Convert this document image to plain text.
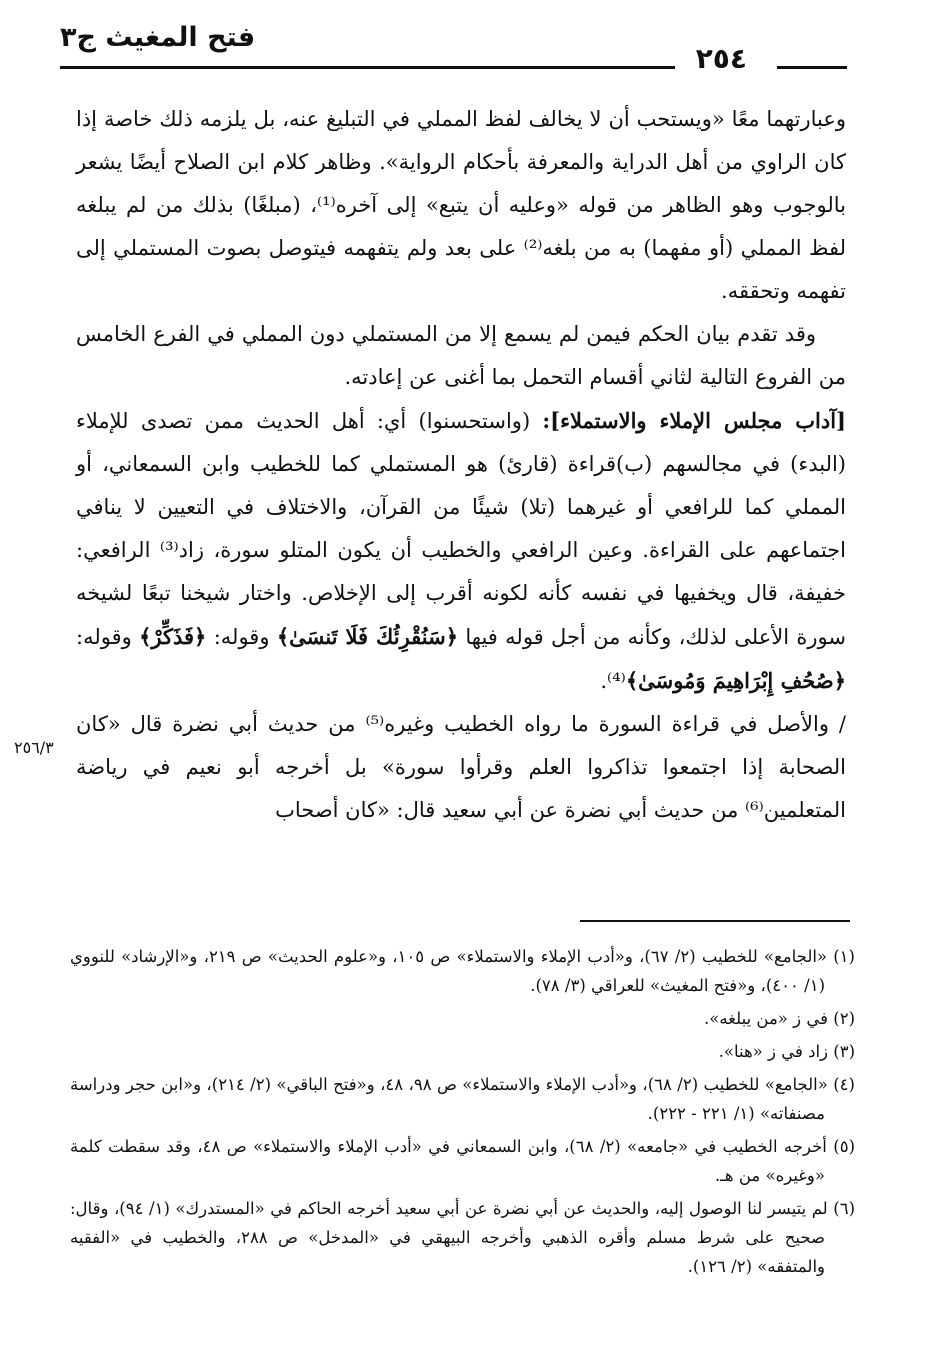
فتح المغيث ج٣
٢٥٤
٢٥٦/٣

وعبارتهما معًا «ويستحب أن لا يخالف لفظ المملي في التبليغ عنه، بل يلزمه ذلك خاصة إذا كان الراوي من أهل الدراية والمعرفة بأحكام الرواية». وظاهر كلام ابن الصلاح أيضًا يشعر بالوجوب وهو الظاهر من قوله «وعليه أن يتبع» إلى آخره⁽¹⁾، (مبلغًا) بذلك من لم يبلغه لفظ المملي (أو مفهما) به من بلغه⁽²⁾ على بعد ولم يتفهمه فيتوصل بصوت المستملي إلى تفهمه وتحققه.

وقد تقدم بيان الحكم فيمن لم يسمع إلا من المستملي دون المملي في الفرع الخامس من الفروع التالية لثاني أقسام التحمل بما أغنى عن إعادته.

[آداب مجلس الإملاء والاستملاء]: (واستحسنوا) أي: أهل الحديث ممن تصدى للإملاء (البدء) في مجالسهم (ب)قراءة (قارئ) هو المستملي كما للخطيب وابن السمعاني، أو المملي كما للرافعي أو غيرهما (تلا) شيئًا من القرآن، والاختلاف في التعيين لا ينافي اجتماعهم على القراءة. وعين الرافعي والخطيب أن يكون المتلو سورة، زاد⁽³⁾ الرافعي: خفيفة، قال ويخفيها في نفسه كأنه لكونه أقرب إلى الإخلاص. واختار شيخنا تبعًا لشيخه سورة الأعلى لذلك، وكأنه من أجل قوله فيها ﴿سَنُقْرِئُكَ فَلَا تَنسَىٰ﴾ وقوله: ﴿فَذَكِّرْ﴾ وقوله: ﴿صُحُفِ إِبْرَاهِيمَ وَمُوسَىٰ﴾⁽⁴⁾.

/ والأصل في قراءة السورة ما رواه الخطيب وغيره⁽⁵⁾ من حديث أبي نضرة قال «كان الصحابة إذا اجتمعوا تذاكروا العلم وقرأوا سورة» بل أخرجه أبو نعيم في رياضة المتعلمين⁽⁶⁾ من حديث أبي نضرة عن أبي سعيد قال: «كان أصحاب

(١) «الجامع» للخطيب (٢/ ٦٧)، و«أدب الإملاء والاستملاء» ص ١٠٥، و«علوم الحديث» ص ٢١٩، و«الإرشاد» للنووي (١/ ٤٠٠)، و«فتح المغيث» للعراقي (٣/ ٧٨).

(٢) في ز «من يبلغه».

(٣) زاد في ز «هنا».

(٤) «الجامع» للخطيب (٢/ ٦٨)، و«أدب الإملاء والاستملاء» ص ٩٨، ٤٨، و«فتح الباقي» (٢/ ٢١٤)، و«ابن حجر ودراسة مصنفاته» (١/ ٢٢١ - ٢٢٢).

(٥) أخرجه الخطيب في «جامعه» (٢/ ٦٨)، وابن السمعاني في «أدب الإملاء والاستملاء» ص ٤٨، وقد سقطت كلمة «وغيره» من هـ.

(٦) لم يتيسر لنا الوصول إليه، والحديث عن أبي نضرة عن أبي سعيد أخرجه الحاكم في «المستدرك» (١/ ٩٤)، وقال: صحيح على شرط مسلم وأقره الذهبي وأخرجه البيهقي في «المدخل» ص ٢٨٨، والخطيب في «الفقيه والمتفقه» (٢/ ١٢٦).
